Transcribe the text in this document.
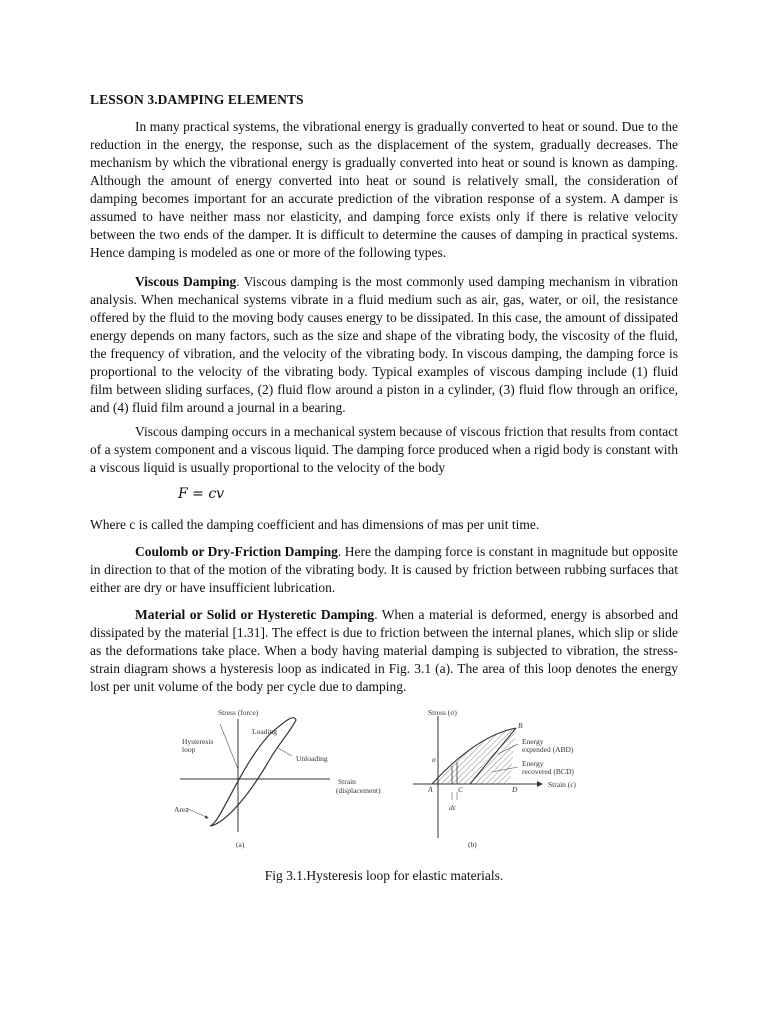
LESSON 3.DAMPING ELEMENTS

In many practical systems, the vibrational energy is gradually converted to heat or sound. Due to the reduction in the energy, the response, such as the displacement of the system, gradually decreases. The mechanism by which the vibrational energy is gradually converted into heat or sound is known as damping. Although the amount of energy converted into heat or sound is relatively small, the consideration of damping becomes important for an accurate prediction of the vibration response of a system. A damper is assumed to have neither mass nor elasticity, and damping force exists only if there is relative velocity between the two ends of the damper. It is difficult to determine the causes of damping in practical systems. Hence damping is modeled as one or more of the following types.

Viscous Damping. Viscous damping is the most commonly used damping mechanism in vibration analysis. When mechanical systems vibrate in a fluid medium such as air, gas, water, or oil, the resistance offered by the fluid to the moving body causes energy to be dissipated. In this case, the amount of dissipated energy depends on many factors, such as the size and shape of the vibrating body, the viscosity of the fluid, the frequency of vibration, and the velocity of the vibrating body. In viscous damping, the damping force is proportional to the velocity of the vibrating body. Typical examples of viscous damping include (1) fluid film between sliding surfaces, (2) fluid flow around a piston in a cylinder, (3) fluid flow through an orifice, and (4) fluid film around a journal in a bearing.

Viscous damping occurs in a mechanical system because of viscous friction that results from contact of a system component and a viscous liquid. The damping force produced when a rigid body is constant with a viscous liquid is usually proportional to the velocity of the body

F = cv

Where c is called the damping coefficient and has dimensions of mas per unit time.

Coulomb or Dry-Friction Damping. Here the damping force is constant in magnitude but opposite in direction to that of the motion of the vibrating body. It is caused by friction between rubbing surfaces that either are dry or have insufficient lubrication.

Material or Solid or Hysteretic Damping. When a material is deformed, energy is absorbed and dissipated by the material [1.31]. The effect is due to friction between the internal planes, which slip or slide as the deformations take place. When a body having material damping is subjected to vibration, the stress-strain diagram shows a hysteresis loop as indicated in Fig. 3.1 (a). The area of this loop denotes the energy lost per unit volume of the body per cycle due to damping.

Stress (force)
Loading
Hysteresis
loop
Unloading
Strain
(displacement)
Area
(a)
Stress (σ)
B
σ
Energy
expended (ABD)
Energy
recovered (BCD)
A	C	D
Strain (ε)
dε
(b)
Fig 3.1.Hysteresis loop for elastic materials.
